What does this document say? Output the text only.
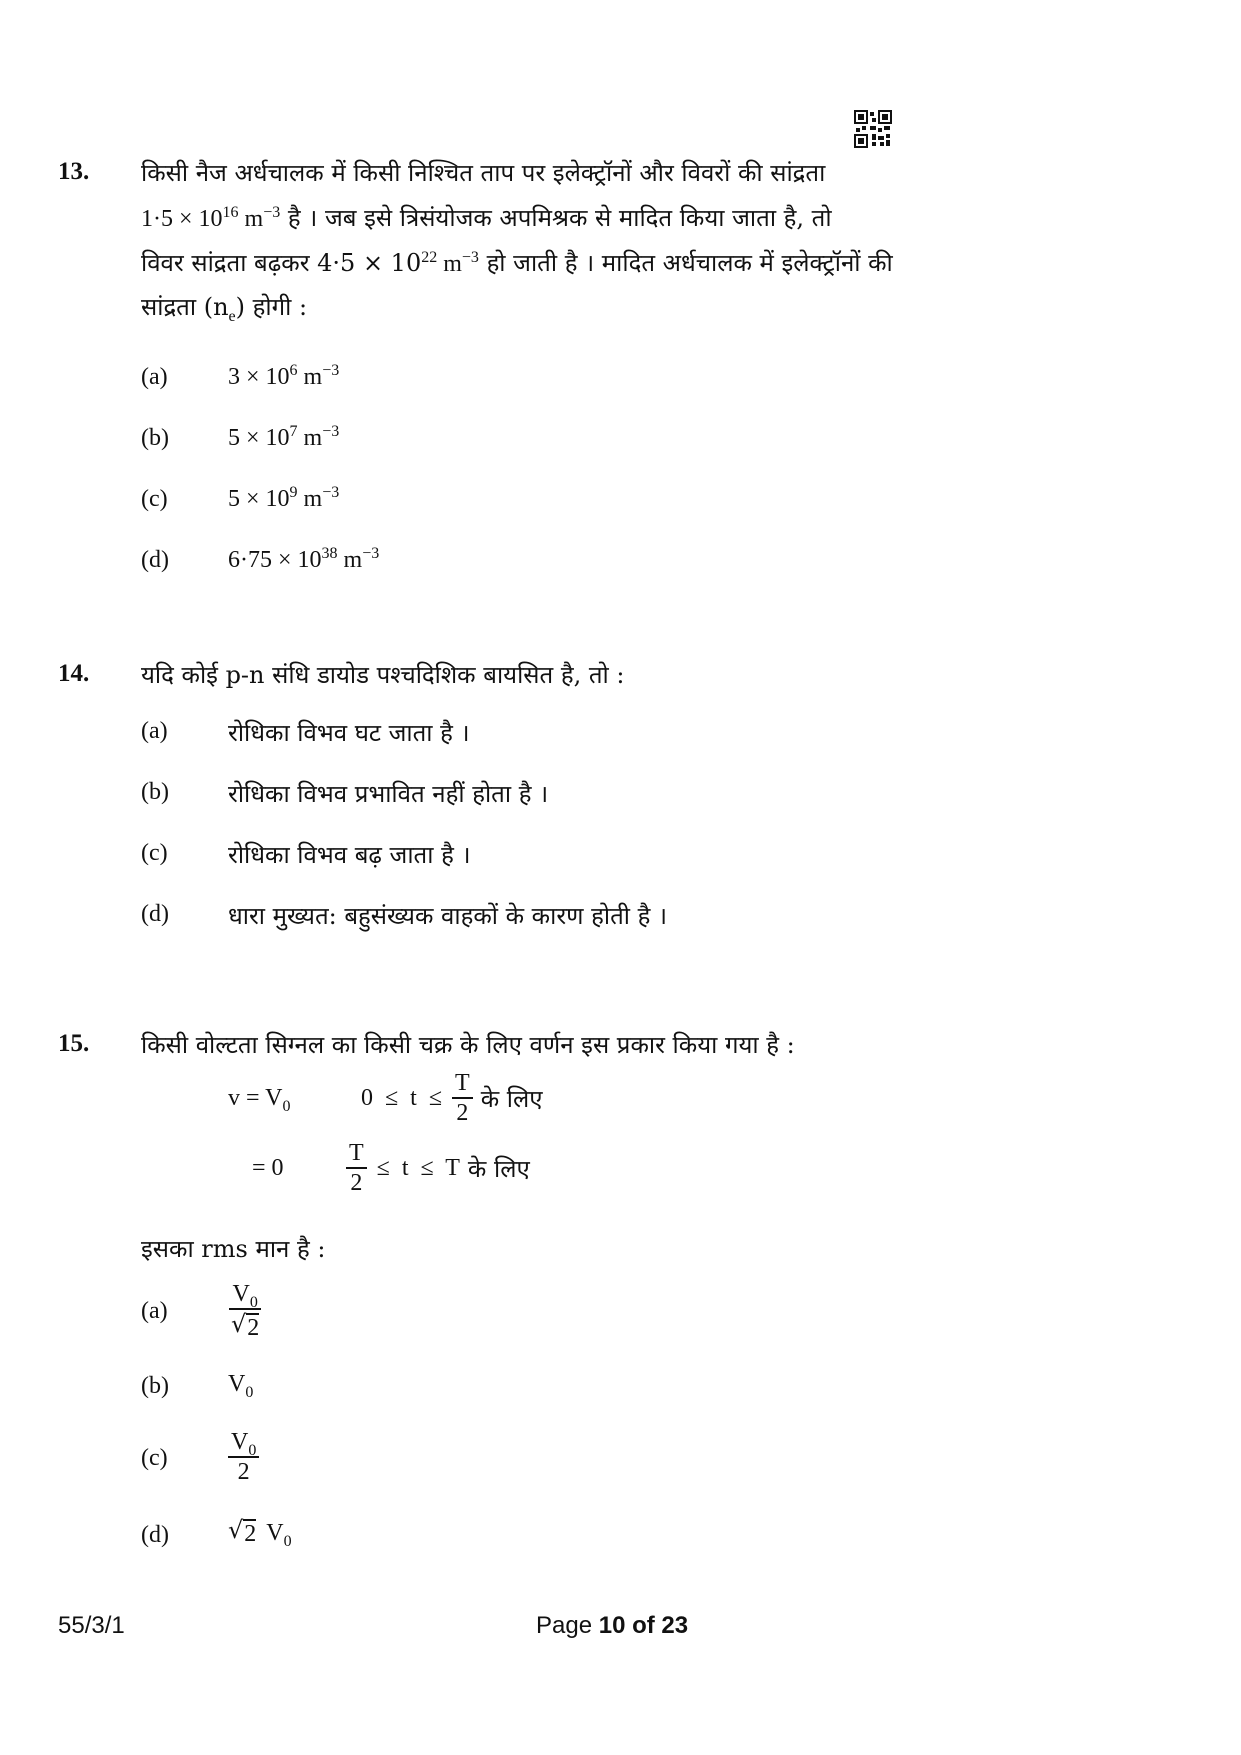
13. किसी नैज अर्धचालक में किसी निश्चित ताप पर इलेक्ट्रॉनों और विवरों की सांद्रता
$1\cdot 5 \times 10^{16}$ $m^{-3}$ है । जब इसे त्रिसंयोजक अपमिश्रक से मादित किया जाता है, तो
विवर सांद्रता बढ़कर $4\cdot 5 \times 10^{22}$ $m^{-3}$ हो जाती है । मादित अर्धचालक में इलेक्ट्रॉनों की
सांद्रता $(n_e)$ होगी :
(a)	$3 \times 10^6$ $m^{-3}$
(b) $5 \times 10^7$ $m^{-3}$
(c)	$5 \times 10^9$ $m^{-3}$
(d) $6\cdot 75 \times 10^{38}$ $m^{-3}$
14. यदि कोई p-n संधि डायोड पश्चदिशिक बायसित है, तो :
(a)	रोधिका विभव घट जाता है ।
(b) रोधिका विभव प्रभावित नहीं होता है ।
(c)	रोधिका विभव बढ़ जाता है ।
(d) धारा मुख्यत: बहुसंख्यक वाहकों के कारण होती है ।
15. किसी वोल्टता सिग्नल का किसी चक्र के लिए वर्णन इस प्रकार किया गया है :
$v = V_0$	$0 \le t \le \frac{T}{2}$ के लिए
= 0	$\frac{T}{2} \le t \le T$ के लिए
इसका rms मान है :
(a)	$\frac{V_0}{√ 2}$
(b) $V_0$
(c)	$\frac{V_0}{2}$
(d) √ 2 $V_0$
55/3/1	Page 10 of 23
